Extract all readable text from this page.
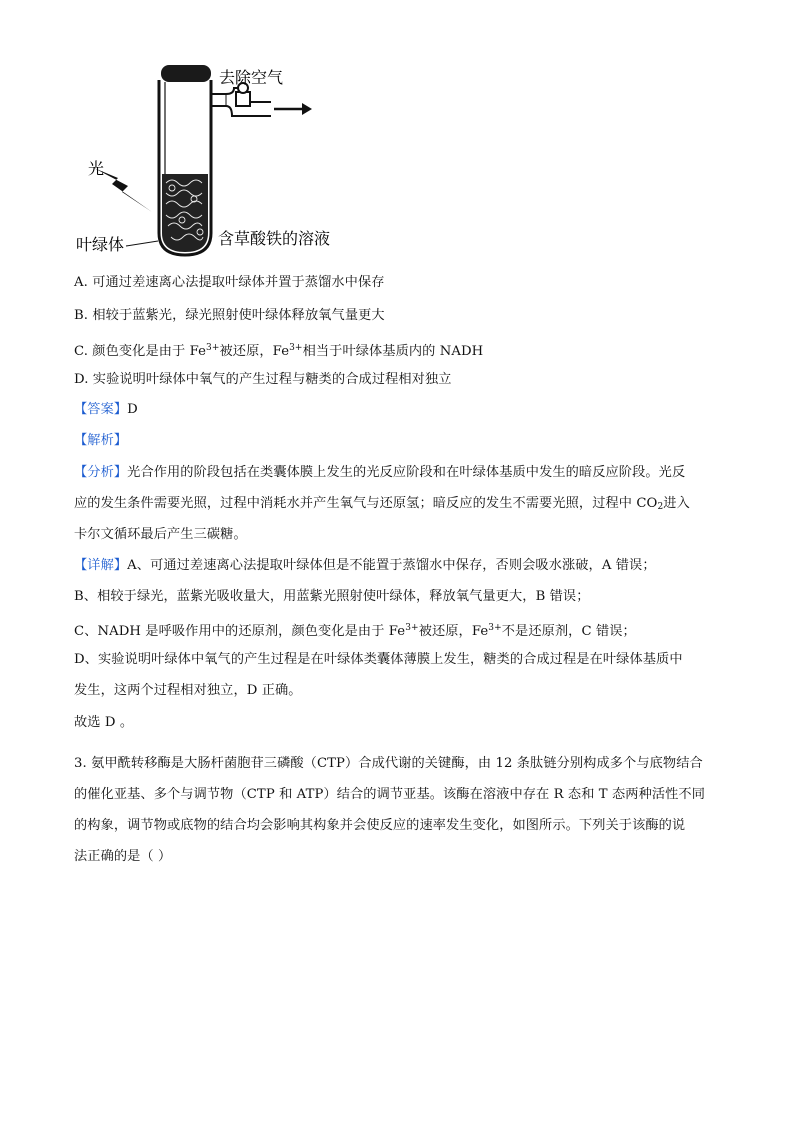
去除空气
光
叶绿体	含草酸铁的溶液
A. 可通过差速离心法提取叶绿体并置于蒸馏水中保存
B. 相较于蓝紫光，绿光照射使叶绿体释放氧气量更大
C. 颜色变化是由于 $Fe^{3+}$被还原，$Fe^{3+}$相当于叶绿体基质内的 NADH
D. 实验说明叶绿体中氧气的产生过程与糖类的合成过程相对独立
【答案】D
【解析】
【分析】光合作用的阶段包括在类囊体膜上发生的光反应阶段和在叶绿体基质中发生的暗反应阶段。光反
应的发生条件需要光照，过程中消耗水并产生氧气与还原氢；暗反应的发生不需要光照，过程中 $CO_2$进入
卡尔文循环最后产生三碳糖。
【详解】A、可通过差速离心法提取叶绿体但是不能置于蒸馏水中保存，否则会吸水涨破，A 错误；
B、相较于绿光，蓝紫光吸收量大，用蓝紫光照射使叶绿体，释放氧气量更大，B 错误；
C、NADH 是呼吸作用中的还原剂，颜色变化是由于 $Fe^{3+}$被还原，$Fe^{3+}$不是还原剂，C 错误；
D、实验说明叶绿体中氧气的产生过程是在叶绿体类囊体薄膜上发生，糖类的合成过程是在叶绿体基质中
发生，这两个过程相对独立，D 正确。
故选 D 。
3. 氨甲酰转移酶是大肠杆菌胞苷三磷酸（CTP）合成代谢的关键酶，由 12 条肽链分别构成多个与底物结合
的催化亚基、多个与调节物（CTP 和 ATP）结合的调节亚基。该酶在溶液中存在 R 态和 T 态两种活性不同
的构象，调节物或底物的结合均会影响其构象并会使反应的速率发生变化，如图所示。下列关于该酶的说
法正确的是（ ）
